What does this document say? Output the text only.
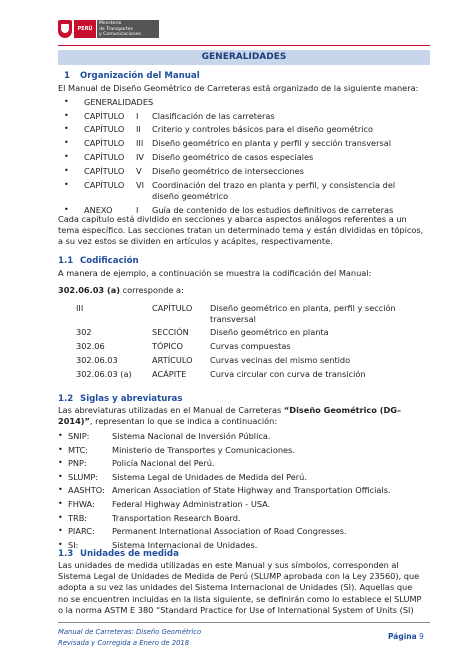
PERÚ
Ministerio
de Transportes
y Comunicaciones
GENERALIDADES
1 Organización del Manual
El Manual de Diseño Geométrico de Carreteras está organizado de la siguiente manera:
• GENERALIDADES
• CAPÍTULO I Clasificación de las carreteras
• CAPÍTULO II Criterio y controles básicos para el diseño geométrico
• CAPÍTULO III Diseño geométrico en planta y perfil y sección transversal
• CAPÍTULO IV Diseño geométrico de casos especiales
• CAPÍTULO V Diseño geométrico de intersecciones
• CAPÍTULO VI Coordinación del trazo en planta y perfil, y consistencia del
diseño geométrico
• ANEXO	I Guía de contenido de los estudios definitivos de carreteras
Cada capítulo está dividido en secciones y abarca aspectos análogos referentes a un
tema específico. Las secciones tratan un determinado tema y están divididas en tópicos,
a su vez estos se dividen en artículos y acápites, respectivamente.
1.1 Codificación
A manera de ejemplo, a continuación se muestra la codificación del Manual:
302.06.03 (a) corresponde a:
III	CAPÍTULO Diseño geométrico en planta, perfil y sección
transversal
302	SECCIÓN	Diseño geométrico en planta
302.06	TÓPICO	Curvas compuestas
302.06.03	ARTÍCULO Curvas vecinas del mismo sentido
302.06.03 (a) ACÁPITE	Curva circular con curva de transición
1.2 Siglas y abreviaturas
Las abreviaturas utilizadas en el Manual de Carreteras “Diseño Geométrico (DG–
2014)”, representan lo que se indica a continuación:
• SNIP:	Sistema Nacional de Inversión Pública.
• MTC:	Ministerio de Transportes y Comunicaciones.
• PNP:	Policía Nacional del Perú.
• SLUMP: Sistema Legal de Unidades de Medida del Perú.
• AASHTO: American Association of State Highway and Transportation Officials.
• FHWA: Federal Highway Administration - USA.
• TRB:	Transportation Research Board.
• PIARC: Permanent International Association of Road Congresses.
• SI:	Sistema Internacional de Unidades.
1.3 Unidades de medida
Las unidades de medida utilizadas en este Manual y sus símbolos, corresponden al
Sistema Legal de Unidades de Medida de Perú (SLUMP aprobada con la Ley 23560), que
adopta a su vez las unidades del Sistema Internacional de Unidades (SI). Aquellas que
no se encuentren incluidas en la lista siguiente, se definirán como lo establece el SLUMP
o la norma ASTM E 380 “Standard Practice for Use of International System of Units (SI)
Manual de Carreteras: Diseño Geométrico
Revisada y Corregida a Enero de 2018
Página 9
